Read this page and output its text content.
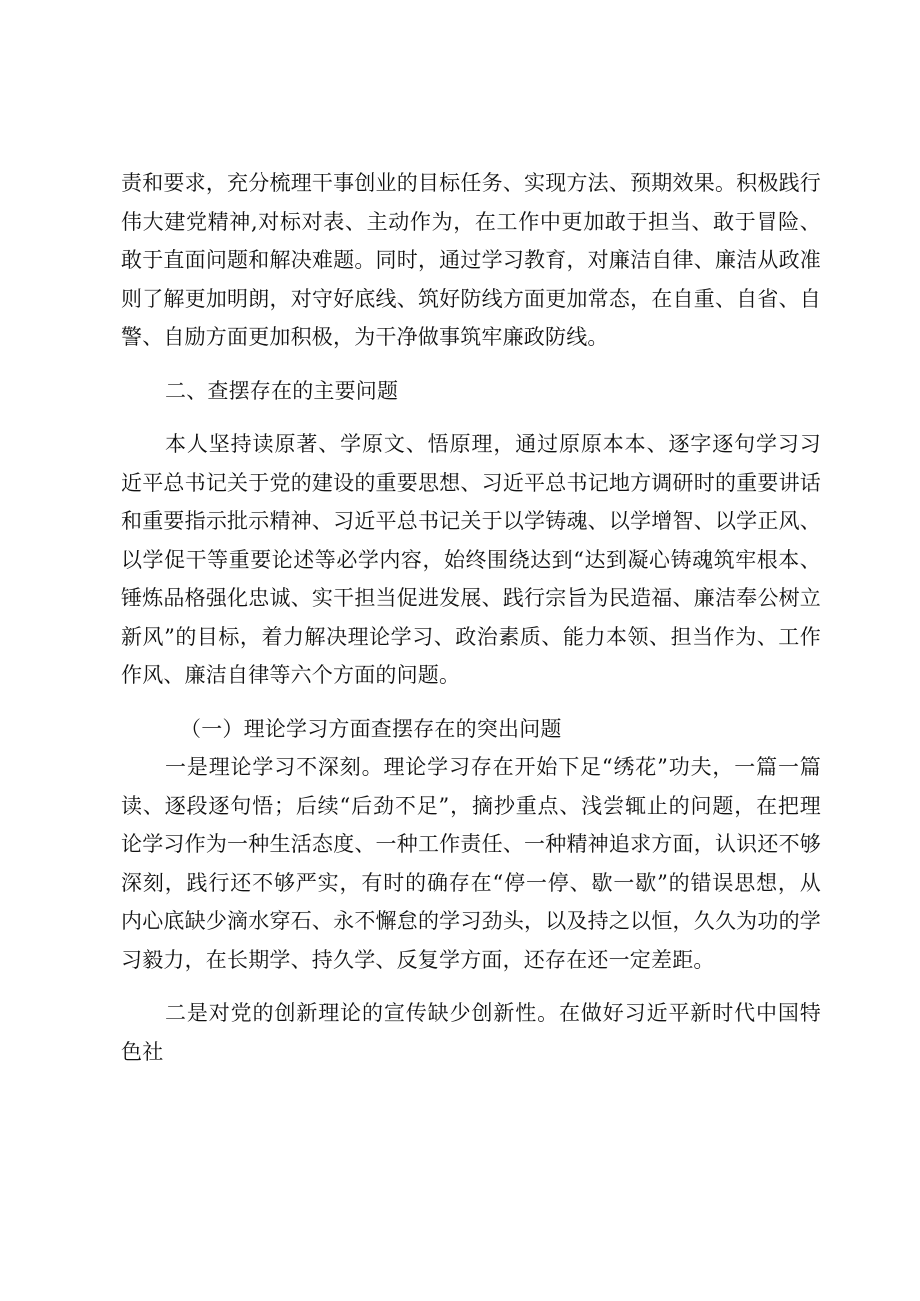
责和要求，充分梳理干事创业的目标任务、实现方法、预期效果。积极践行伟大建党精神,对标对表、主动作为，在工作中更加敢于担当、敢于冒险、敢于直面问题和解决难题。同时，通过学习教育，对廉洁自律、廉洁从政准则了解更加明朗，对守好底线、筑好防线方面更加常态，在自重、自省、自警、自励方面更加积极，为干净做事筑牢廉政防线。

二、查摆存在的主要问题

本人坚持读原著、学原文、悟原理，通过原原本本、逐字逐句学习习近平总书记关于党的建设的重要思想、习近平总书记地方调研时的重要讲话和重要指示批示精神、习近平总书记关于以学铸魂、以学增智、以学正风、以学促干等重要论述等必学内容，始终围绕达到“达到凝心铸魂筑牢根本、锤炼品格强化忠诚、实干担当促进发展、践行宗旨为民造福、廉洁奉公树立新风”的目标，着力解决理论学习、政治素质、能力本领、担当作为、工作作风、廉洁自律等六个方面的问题。

（一）理论学习方面查摆存在的突出问题

一是理论学习不深刻。理论学习存在开始下足“绣花”功夫，一篇一篇读、逐段逐句悟；后续“后劲不足”，摘抄重点、浅尝辄止的问题，在把理论学习作为一种生活态度、一种工作责任、一种精神追求方面，认识还不够深刻，践行还不够严实，有时的确存在“停一停、歇一歇”的错误思想，从内心底缺少滴水穿石、永不懈怠的学习劲头，以及持之以恒，久久为功的学习毅力，在长期学、持久学、反复学方面，还存在还一定差距。

二是对党的创新理论的宣传缺少创新性。在做好习近平新时代中国特色社
